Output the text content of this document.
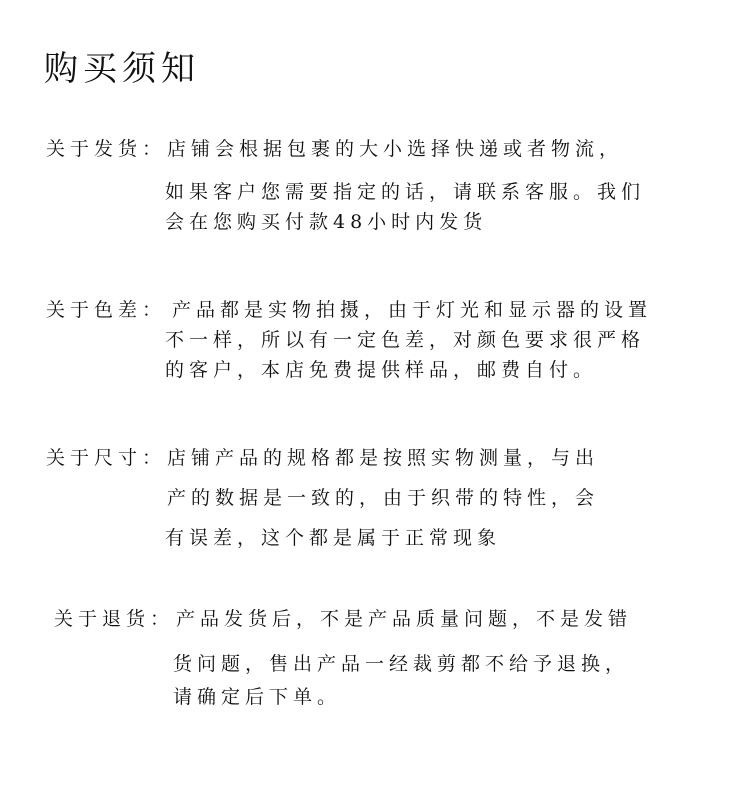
购买须知
关于发货： 店铺会根据包裹的大小选择快递或者物流，
如果客户您需要指定的话，请联系客服。我们
会在您购买付款48小时内发货
关于色差： 产品都是实物拍摄，由于灯光和显示器的设置
不一样，所以有一定色差，对颜色要求很严格
的客户，本店免费提供样品，邮费自付。
关于尺寸： 店铺产品的规格都是按照实物测量，与出
产的数据是一致的，由于织带的特性，会
有误差，这个都是属于正常现象
关于退货： 产品发货后，不是产品质量问题，不是发错
货问题，售出产品一经裁剪都不给予退换，
请确定后下单。
